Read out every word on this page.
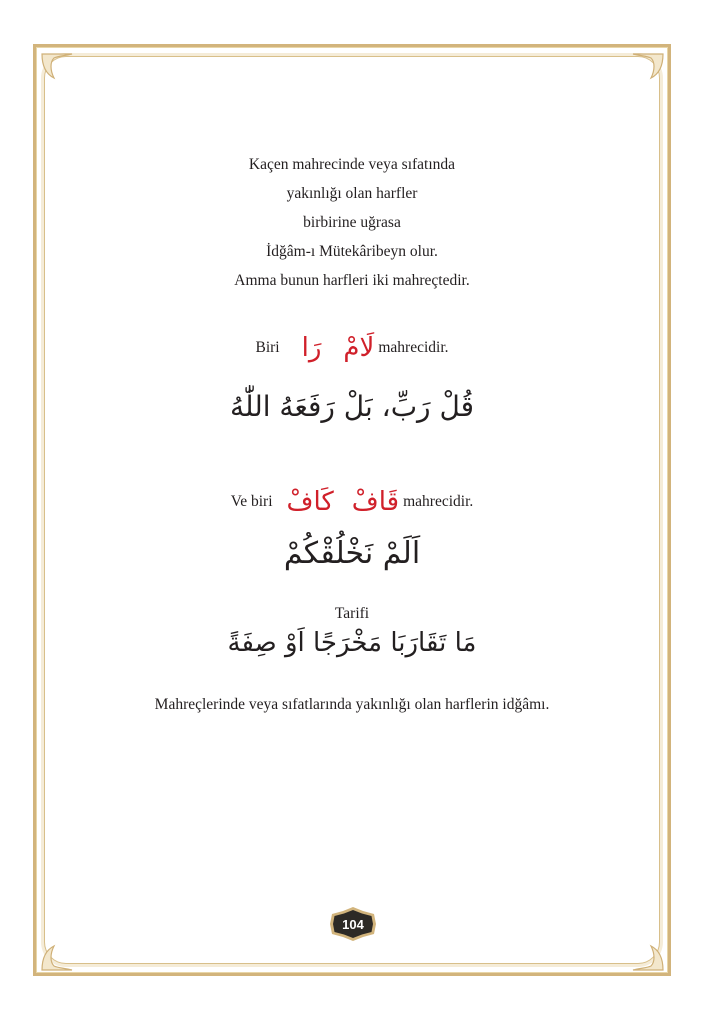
Kaçen mahrecinde veya sıfatında
yakınlığı olan harfler
birbirine uğrasa
İdğâm-ı Mütekâribeyn olur.
Amma bunun harfleri iki mahreçtedir.
Biri رَا لَامْ mahrecidir.
قُلْ رَبِّ، بَلْ رَفَعَهُ اللّٰهُ
Ve biri كَافْ قَافْ mahrecidir.
اَلَمْ نَخْلُقْكُمْ
Tarifi
مَا تَقَارَبَا مَخْرَجًا اَوْ صِفَةً
Mahreçlerinde veya sıfatlarında yakınlığı olan harflerin idğâmı.
104
